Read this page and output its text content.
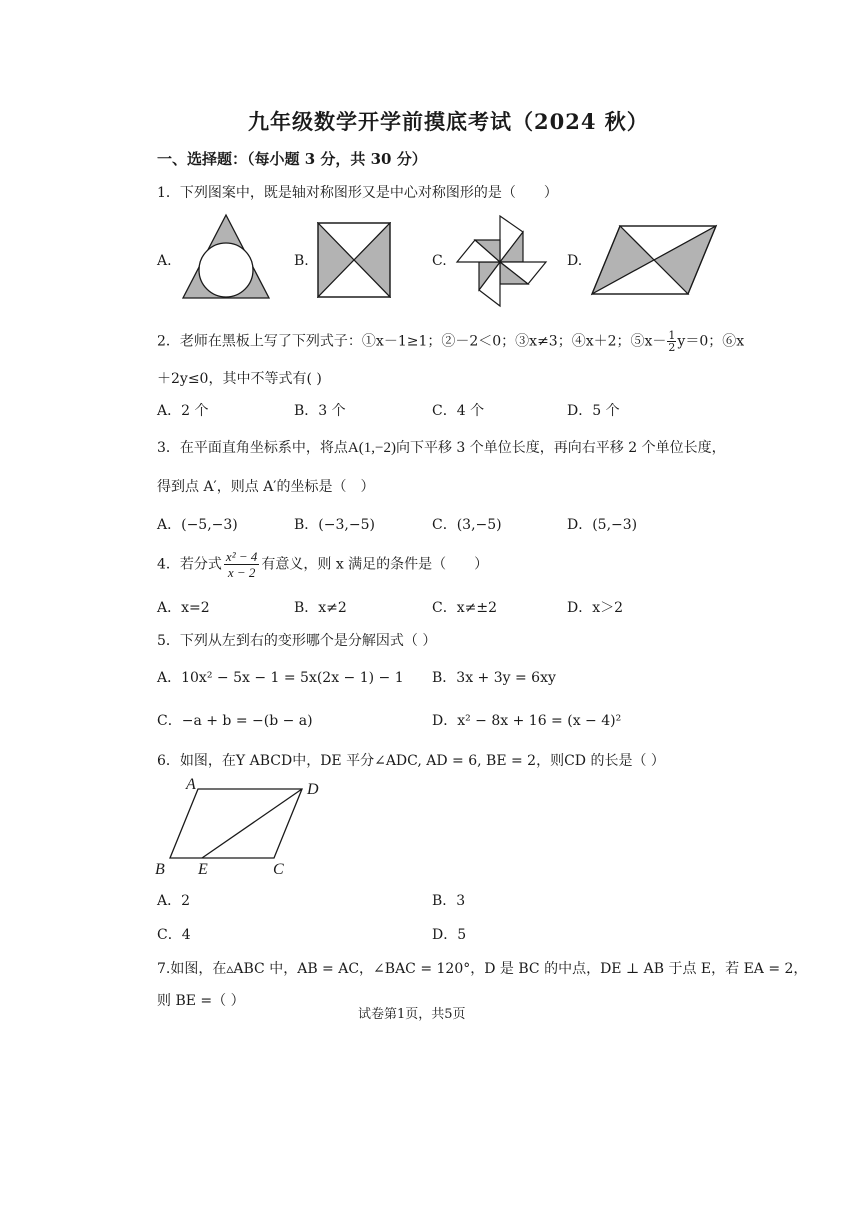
九年级数学开学前摸底考试（2024 秋）
一、选择题：（每小题 3 分，共 30 分）
1．下列图案中，既是轴对称图形又是中心对称图形的是（　　）
A.	B.	C.	D.
2．老师在黑板上写了下列式子：①x－1≥1；②－2＜0；③x≠3；④x＋2；⑤x－ $\frac{1}{2} y=0$；⑥x
＋2y≤0，其中不等式有( )
A．2 个	B．3 个	C．4 个	D．5 个
3．在平面直角坐标系中，将点A(1,−2)向下平移 3 个单位长度，再向右平移 2 个单位长度，
得到点 A′，则点 A′的坐标是（　）
A．(−5,−3)	B．(−3,−5)	C．(3,−5)	D．(5,−3)
4．若分式 $\frac{\text{x² − 4}}{x - 2}$ 有意义，则 x 满足的条件是（　　）
A．x=2	B．x≠2	C．x≠±2	D．x＞2
5．下列从左到右的变形哪个是分解因式（ ）
A．10x² − 5x − 1 = 5x(2x − 1) − 1 B．3x + 3y = 6xy
C．−a + b = −(b − a)	D．x² − 8x + 16 = (x − 4)²
6．如图，在Y ABCD中，DE 平分∠ADC, AD = 6, BE = 2，则CD 的长是（ ）
A	D
B E	C
A．2	B．3
C．4	D．5
7.如图，在▵ABC 中，AB = AC，∠BAC = 120°，D 是 BC 的中点，DE ⊥ AB 于点 E，若 EA = 2，
则 BE =（ ）
试卷第1页，共5页
